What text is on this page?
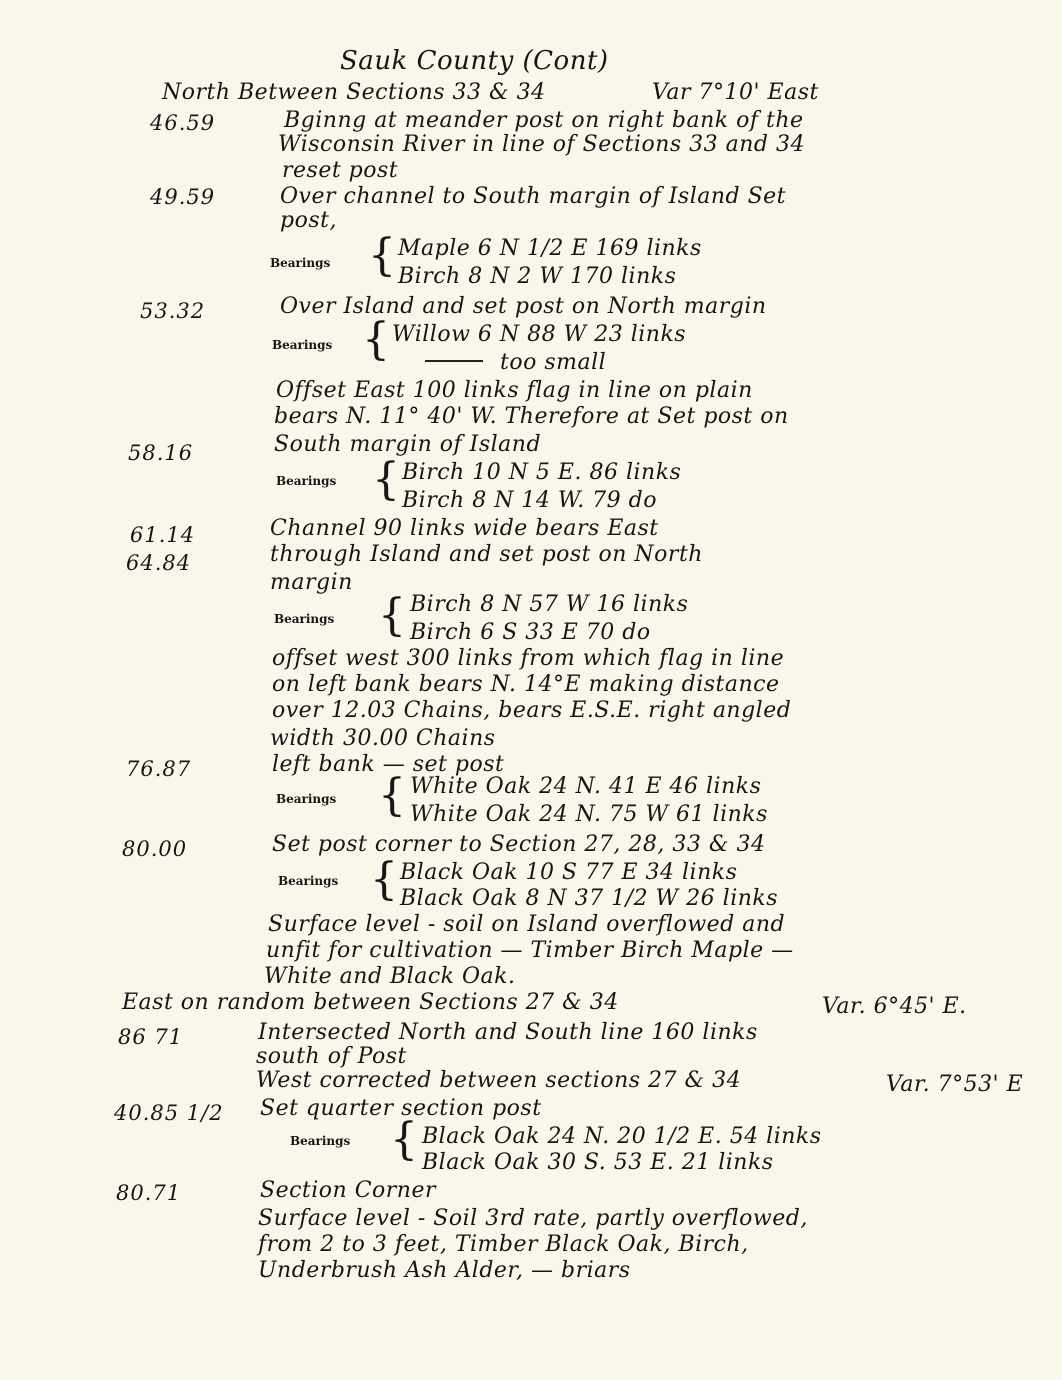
Sauk County (Cont)
North Between Sections 33 & 34	Var 7°10' East
46.59	Bginng at meander post on right bank of the
Wisconsin River in line of Sections 33 and 34
reset post
49.59	Over channel to South margin of Island Set
post,
Bearings { Maple 6 N 1/2 E 169 links
Birch 8 N 2 W 170 links
53.32	Over Island and set post on North margin
Bearings { Willow 6 N 88 W 23 links
too small
Offset East 100 links flag in line on plain
bears N. 11° 40' W. Therefore at Set post on
58.16	South margin of Island
Bearings { Birch 10 N 5 E. 86 links
Birch 8 N 14 W. 79 do
61.14	Channel 90 links wide bears East
64.84	through Island and set post on North
margin
Bearings { Birch 8 N 57 W 16 links
Birch 6 S 33 E 70 do
offset west 300 links from which flag in line
on left bank bears N. 14°E making distance
over 12.03 Chains, bears E.S.E. right angled
width 30.00 Chains
76.87	left bank — set post
Bearings { White Oak 24 N. 41 E 46 links
White Oak 24 N. 75 W 61 links
80.00	Set post corner to Section 27, 28, 33 & 34
Bearings { Black Oak 10 S 77 E 34 links
Black Oak 8 N 37 1/2 W 26 links
Surface level - soil on Island overflowed and
unfit for cultivation — Timber Birch Maple —
White and Black Oak.
East on random between Sections 27 & 34	Var. 6°45' E.
86 71	Intersected North and South line 160 links
south of Post
West corrected between sections 27 & 34	Var. 7°53' E
40.85 1/2 Set quarter section post
Bearings { Black Oak 24 N. 20 1/2 E. 54 links
Black Oak 30 S. 53 E. 21 links
80.71	Section Corner
Surface level - Soil 3rd rate, partly overflowed,
from 2 to 3 feet, Timber Black Oak, Birch,
Underbrush Ash Alder, — briars
